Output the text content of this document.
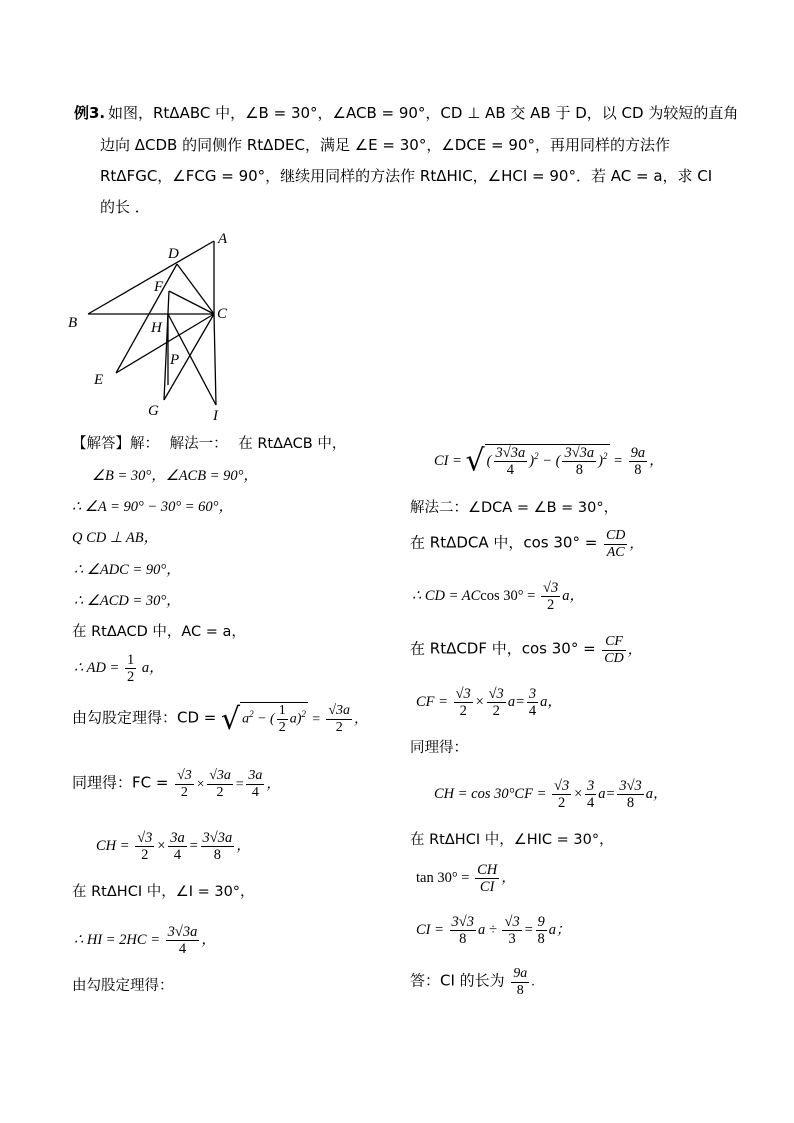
例3. 如图，RtΔABC 中，∠B = 30°，∠ACB = 90°，CD ⊥ AB 交 AB 于 D，以 CD 为较短的直角
边向 ΔCDB 的同侧作 RtΔDEC，满足 ∠E = 30°，∠DCE = 90°，再用同样的方法作
RtΔFGC，∠FCG = 90°，继续用同样的方法作 RtΔHIC，∠HCI = 90°．若 AC = a，求 CI
的长 ．
A
D
F
B	H
C
P
E
G	I
【解答】解： 解法一： 在 RtΔACB 中，
∠B = 30°，∠ACB = 90°，
∴ ∠A = 90° − 30° = 60°，
Q CD ⊥ AB，
∴ ∠ADC = 90°，
∴ ∠ACD = 30°，
在 RtΔACD 中，AC = a，
∴ AD = $\frac{1}{2}$ a，
由勾股定理得：CD = √ $a^2$ − ( $\frac{1}{2} a)^2 = \frac{√3a}{2}$ ，
同理得：FC = $\frac{√3}{2} \times \frac{√3a}{2} = \frac{3a}{4}$ ，
CH = $\frac{√3}{2} \times \frac{3a}{4} = \frac{3√3a}{8}$ ，
在 RtΔHCI 中，∠I = 30°，
∴ HI = $2HC = \frac{3√3a}{4}$ ，
由勾股定理得：
CI = √ ( $\frac{3√3a}{4} )^2$ − ( $\frac{3√3a}{8} )^2 = \frac{9a}{8}$ ，
解法二：∠DCA = ∠B = 30°，
在 RtΔDCA 中，$\cos 30^\circ = \frac{CD}{AC}$ ，
∴ CD = ACcos $30^\circ = \frac{√3}{2}$ a，
在 RtΔCDF 中，$\cos 30^\circ = \frac{CF}{CD}$ ，
CF = $\frac{√3}{2} \times \frac{√3}{2} a= \frac{3}{4}$ a，
同理得：
CH = $\cos 30^\circ CF = \frac{√3}{2} \times \frac{3}{4} a= \frac{3√3}{8}$ a，
在 RtΔHCI 中，∠HIC = 30°，
$\tan 30^\circ = \frac{CH}{CI}$ ，
CI = $\frac{3√3}{8}$ $a \div \frac{√3}{3} = \frac{9}{8}$ a；
答：CI 的长为 $\frac{9a}{8}$ .
